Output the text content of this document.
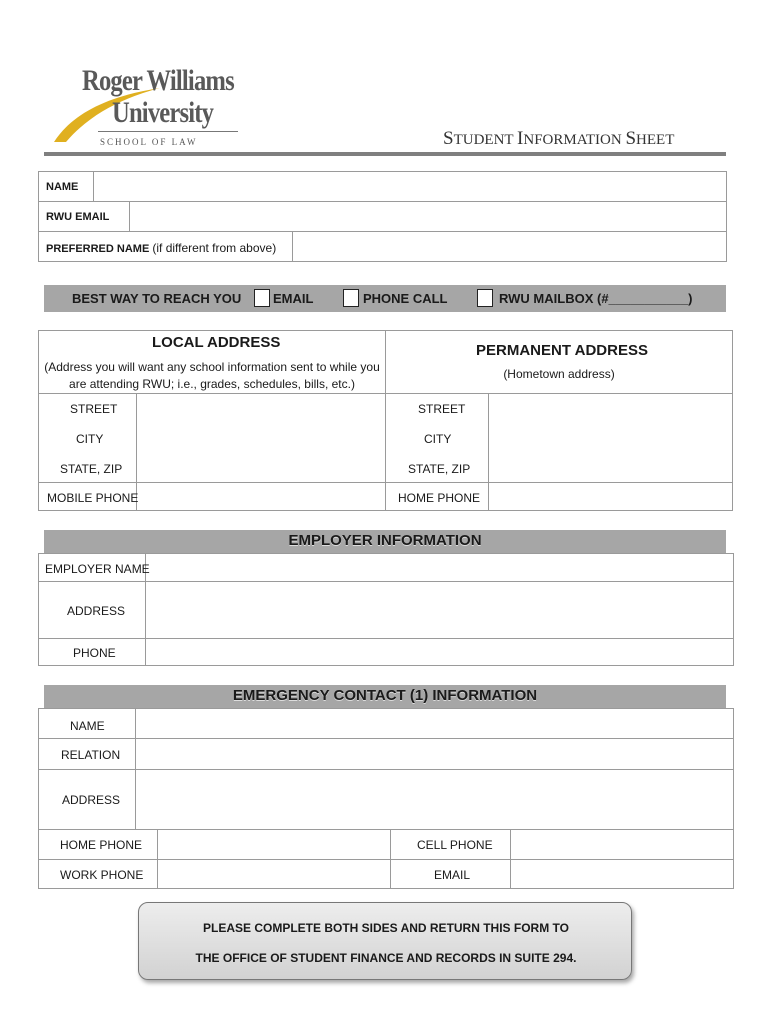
Roger Williams
University
SCHOOL OF LAW	STUDENT INFORMATION SHEET
NAME
RWU EMAIL
PREFERRED NAME (if different from above)
BEST WAY TO REACH YOU EMAIL	PHONE CALL	RWU MAILBOX (#___________)
LOCAL ADDRESS
(Address you will want any school information sent to while you are attending RWU; i.e., grades, schedules, bills, etc.)
PERMANENT ADDRESS
(Hometown address)
STREET
CITY
STATE, ZIP
MOBILE PHONE
STREET
CITY
STATE, ZIP
HOME PHONE
EMPLOYER INFORMATION
EMPLOYER NAME
ADDRESS
PHONE
EMERGENCY CONTACT (1) INFORMATION
NAME
RELATION
ADDRESS
HOME PHONE	CELL PHONE
WORK PHONE	EMAIL
PLEASE COMPLETE BOTH SIDES AND RETURN THIS FORM TO
THE OFFICE OF STUDENT FINANCE AND RECORDS IN SUITE 294.
